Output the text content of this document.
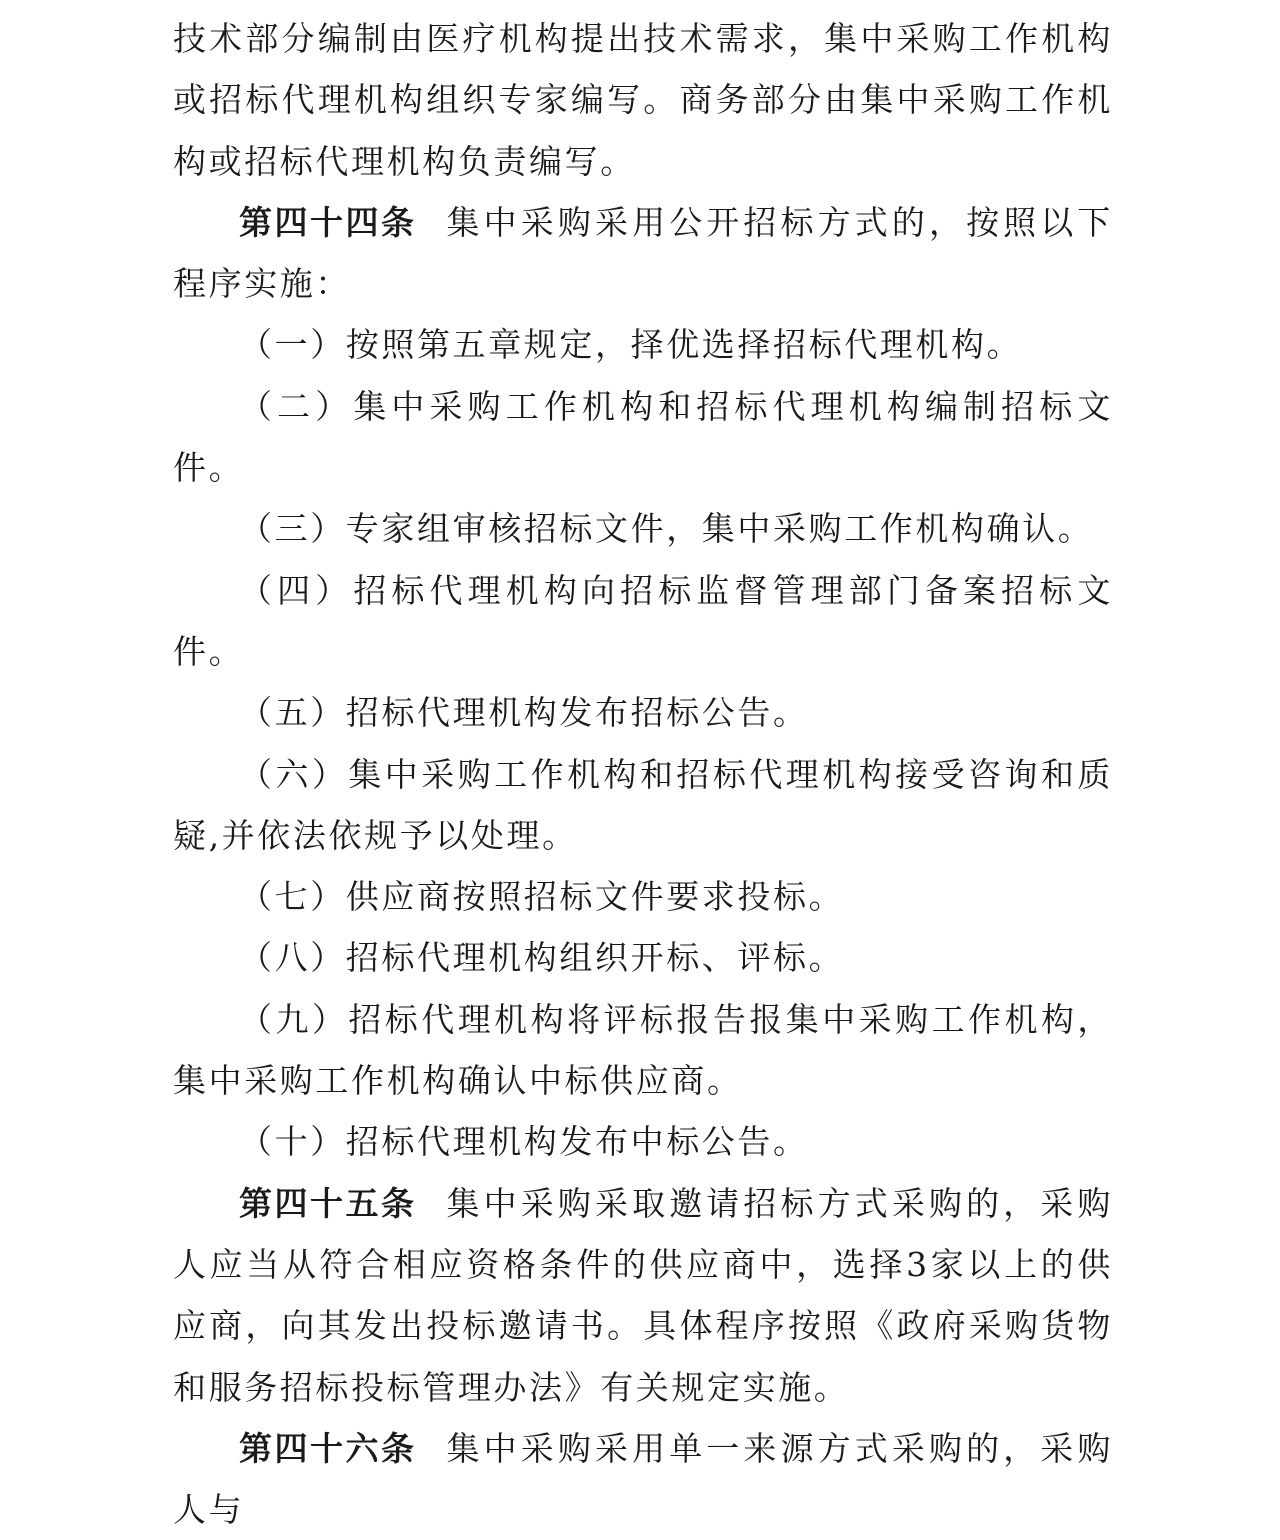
技术部分编制由医疗机构提出技术需求，集中采购工作机构或招标代理机构组织专家编写。商务部分由集中采购工作机构或招标代理机构负责编写。

第四十四条 集中采购采用公开招标方式的，按照以下程序实施：

（一）按照第五章规定，择优选择招标代理机构。

（二）集中采购工作机构和招标代理机构编制招标文件。

（三）专家组审核招标文件，集中采购工作机构确认。

（四）招标代理机构向招标监督管理部门备案招标文件。

（五）招标代理机构发布招标公告。

（六）集中采购工作机构和招标代理机构接受咨询和质疑,并依法依规予以处理。

（七）供应商按照招标文件要求投标。

（八）招标代理机构组织开标、评标。

（九）招标代理机构将评标报告报集中采购工作机构，集中采购工作机构确认中标供应商。

（十）招标代理机构发布中标公告。

第四十五条 集中采购采取邀请招标方式采购的，采购人应当从符合相应资格条件的供应商中，选择3家以上的供应商，向其发出投标邀请书。具体程序按照《政府采购货物和服务招标投标管理办法》有关规定实施。

第四十六条 集中采购采用单一来源方式采购的，采购人与
